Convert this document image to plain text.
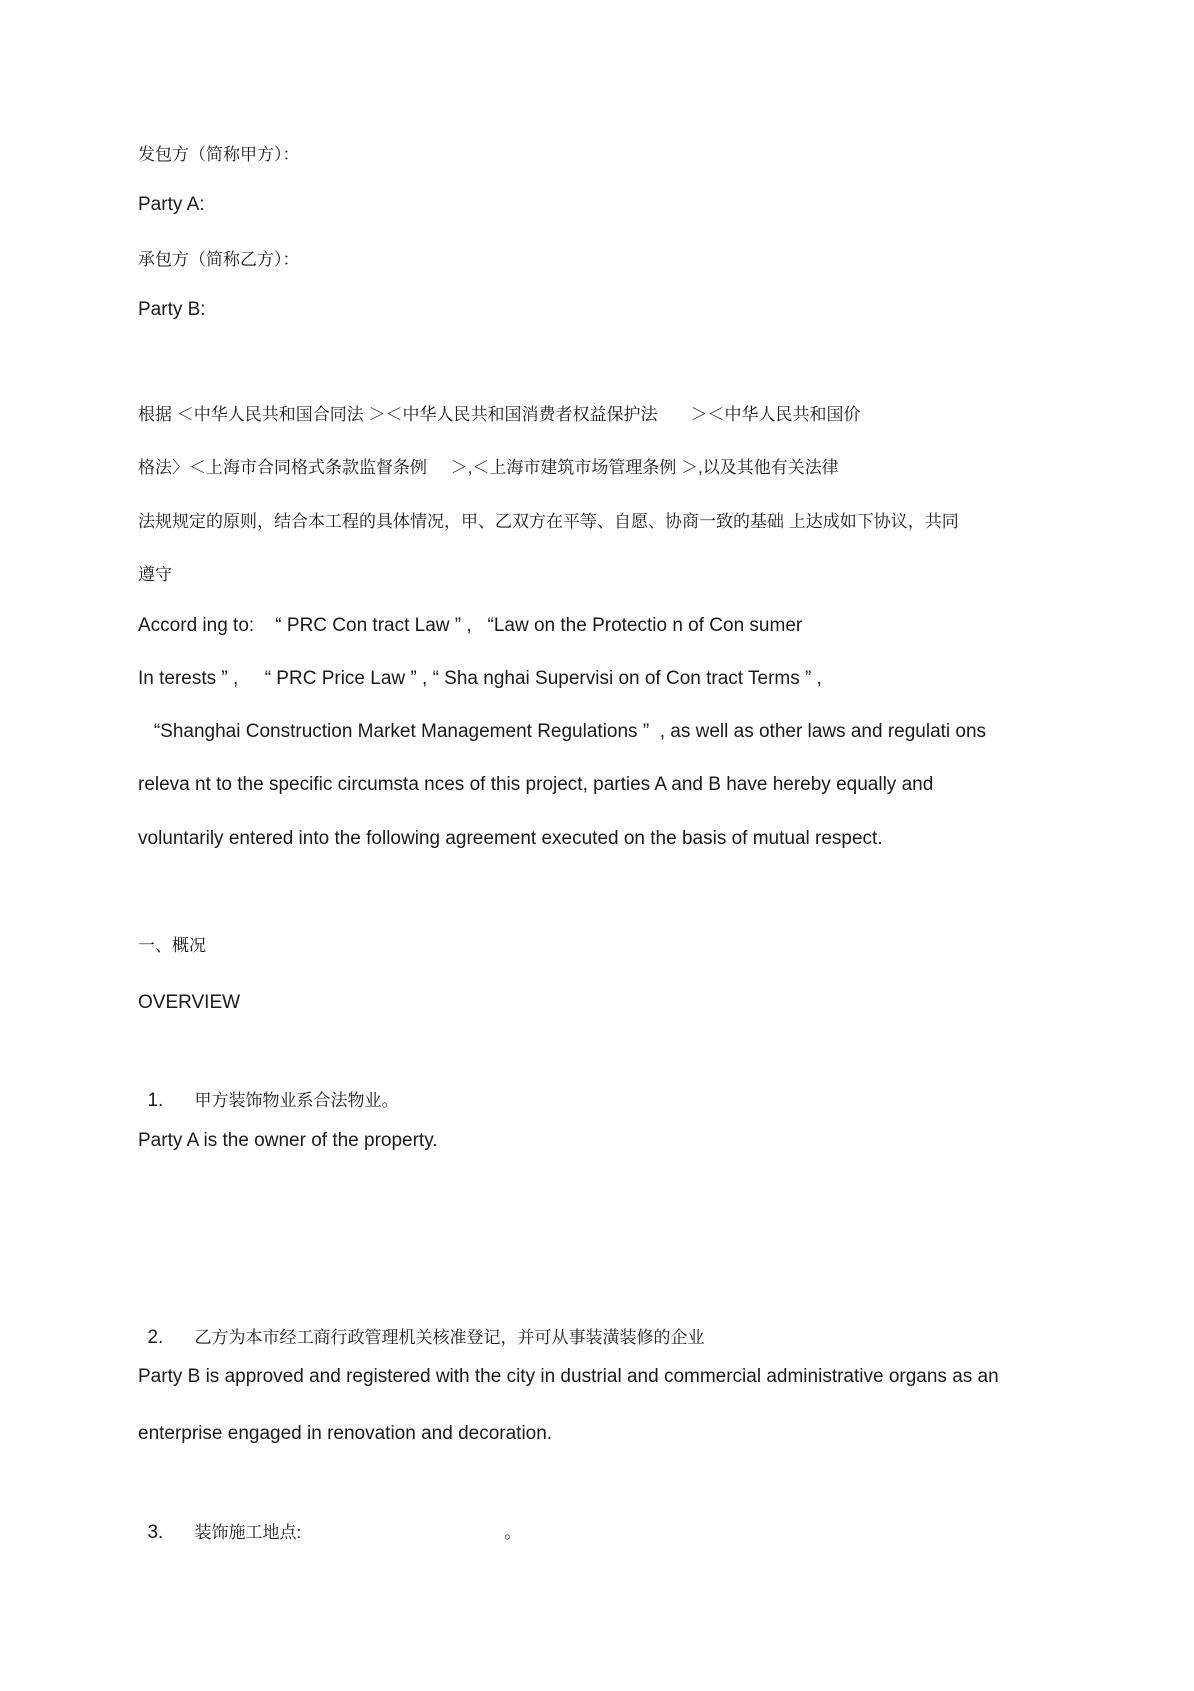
发包方（简称甲方）：
Party A:
承包方（简称乙方）：
Party B:
根据 ＜中华人民共和国合同法 ＞＜中华人民共和国消费者权益保护法       ＞＜中华人民共和国价
格法〉＜上海市合同格式条款监督条例     ＞,＜上海市建筑市场管理条例 ＞,以及其他有关法律
法规规定的原则，结合本工程的具体情况，甲、乙双方在平等、自愿、协商一致的基础 上达成如下协议，共同
遵守
Accord ing to:    “ PRC Con tract Law ” ,   “Law on the Protectio n of Con sumer
In terests ” ,     “ PRC Price Law ” , “ Sha nghai Supervisi on of Con tract Terms ” ,
“Shanghai Construction Market Management Regulations ”  , as well as other laws and regulati ons
releva nt to the specific circumsta nces of this project, parties A and B have hereby equally and
voluntarily entered into the following agreement executed on the basis of mutual respect.
一、概况
OVERVIEW

1. 甲方装饰物业系合法物业。

Party A is the owner of the property.

2. 乙方为本市经工商行政管理机关核准登记，并可从事装潢装修的企业

Party B is approved and registered with the city in dustrial and commercial administrative organs as an
enterprise engaged in renovation and decoration.

3. 装饰施工地点:                                           。
